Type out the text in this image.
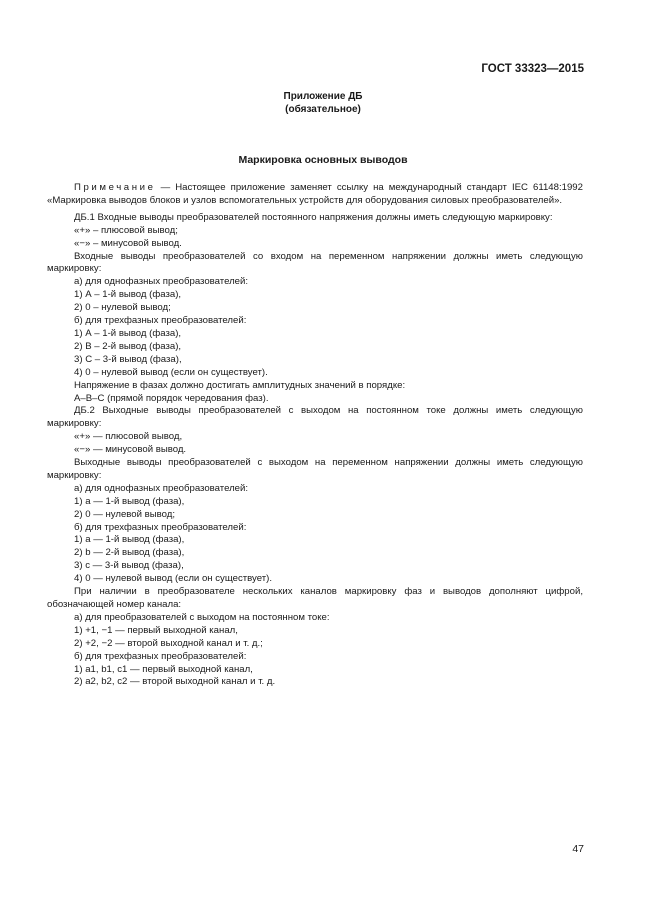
ГОСТ 33323—2015
Приложение ДБ
(обязательное)
Маркировка основных выводов

Примечание — Настоящее приложение заменяет ссылку на международный стандарт IEC 61148:1992 «Маркировка выводов блоков и узлов вспомогательных устройств для оборудования силовых преобразователей».

ДБ.1 Входные выводы преобразователей постоянного напряжения должны иметь следующую маркировку:

«+» – плюсовой вывод;

«−» – минусовой вывод.

Входные выводы преобразователей со входом на переменном напряжении должны иметь следующую маркировку:

а) для однофазных преобразователей:

1) А – 1-й вывод (фаза),

2) 0 – нулевой вывод;

б) для трехфазных преобразователей:

1) А – 1-й вывод (фаза),

2) В – 2-й вывод (фаза),

3) С – 3-й вывод (фаза),

4) 0 – нулевой вывод (если он существует).

Напряжение в фазах должно достигать амплитудных значений в порядке:

А–В–С (прямой порядок чередования фаз).

ДБ.2 Выходные выводы преобразователей с выходом на постоянном токе должны иметь следующую маркировку:

«+» — плюсовой вывод,

«−» — минусовой вывод.

Выходные выводы преобразователей с выходом на переменном напряжении должны иметь следующую маркировку:

а) для однофазных преобразователей:

1) а — 1-й вывод (фаза),

2) 0 — нулевой вывод;

б) для трехфазных преобразователей:

1) а — 1-й вывод (фаза),

2) b — 2-й вывод (фаза),

3) с — 3-й вывод (фаза),

4) 0 — нулевой вывод (если он существует).

При наличии в преобразователе нескольких каналов маркировку фаз и выводов дополняют цифрой, обозначающей номер канала:

а) для преобразователей с выходом на постоянном токе:

1) +1, −1 — первый выходной канал,

2) +2, −2 — второй выходной канал и т. д.;

б) для трехфазных преобразователей:

1) a1, b1, c1 — первый выходной канал,

2) a2, b2, c2 — второй выходной канал и т. д.

47
